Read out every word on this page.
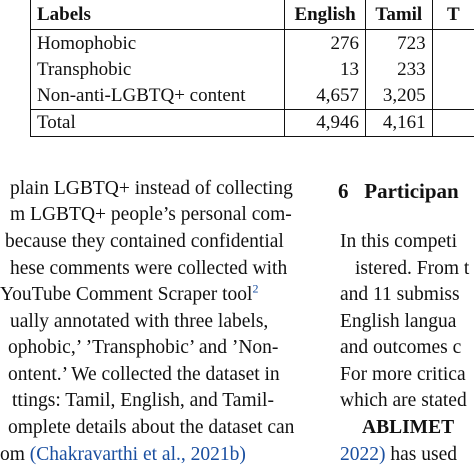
Labels	English	Tamil	T
Homophobic	276	723	
Transphobic	13	233	
Non-anti-LGBTQ+ content	4,657	3,205	
Total	4,946	4,161	
plain LGBTQ+ instead of collecting
m LGBTQ+ people’s personal com-
because they contained confidential
hese comments were collected with
YouTube Comment Scraper tool$^2$
ually annotated with three labels,
ophobic,’ ’Transphobic’ and ’Non-
ontent.’ We collected the dataset in
ttings: Tamil, English, and Tamil-
omplete details about the dataset can
om (Chakravarthi et al., 2021b)
6 Participan
In this competi
istered. From t
and 11 submiss
English langua
and outcomes c
For more critica
which are stated
ABLIMET
2022) has used
